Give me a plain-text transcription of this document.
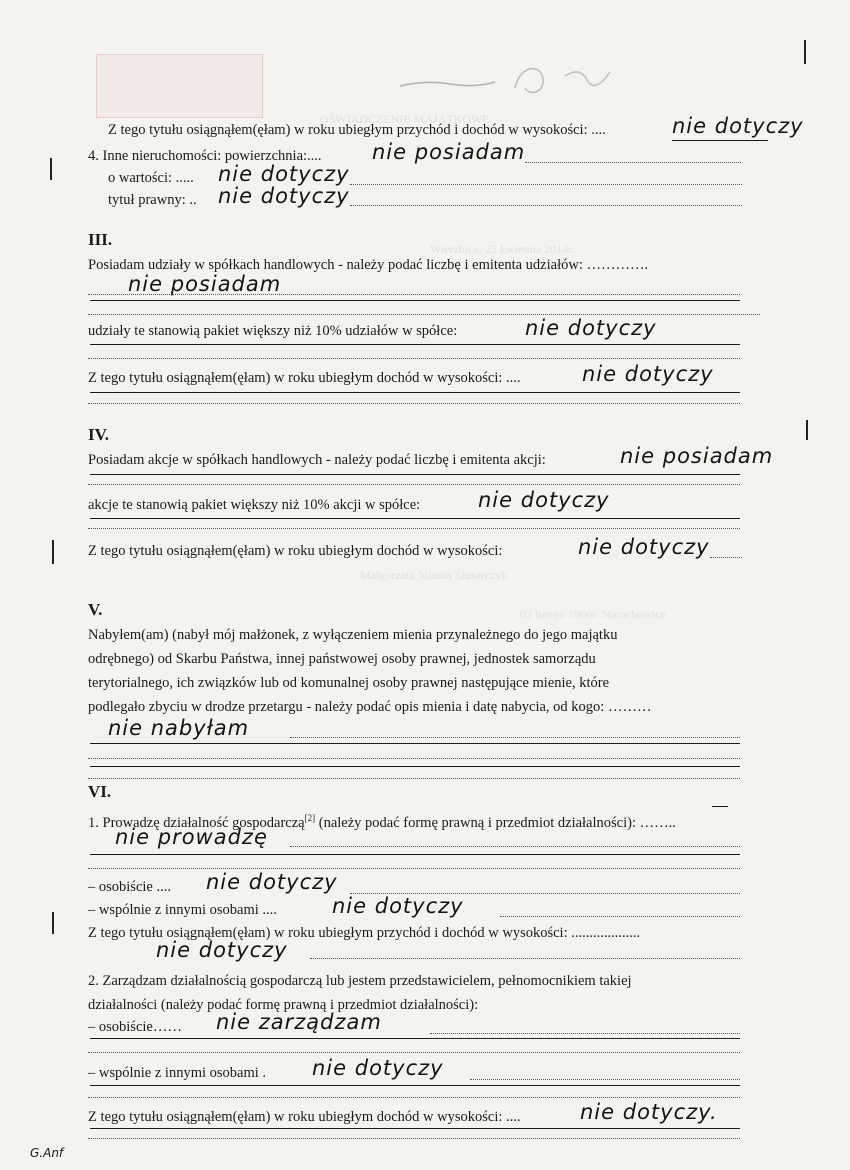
OŚWIADCZENIE MAJĄTKOWE
Wierzbica, 25 kwietnia 2014r.
Małgorzata Jolanta Ślusarczyk
02 lutego 1960r. Starachowice
Z tego tytułu osiągnąłem(ęłam) w roku ubiegłym przychód i dochód w wysokości: ....	nie dotyczy
4. Inne nieruchomości: powierzchnia:....	nie posiadam
o wartości: .....	nie dotyczy
tytuł prawny: ..	nie dotyczy
III.
Posiadam udziały w spółkach handlowych - należy podać liczbę i emitenta udziałów: ………….
nie posiadam
udziały te stanowią pakiet większy niż 10% udziałów w spółce:	nie dotyczy
Z tego tytułu osiągnąłem(ęłam) w roku ubiegłym dochód w wysokości: ....	nie dotyczy
IV.
Posiadam akcje w spółkach handlowych - należy podać liczbę i emitenta akcji:	nie posiadam
akcje te stanowią pakiet większy niż 10% akcji w spółce:	nie dotyczy
Z tego tytułu osiągnąłem(ęłam) w roku ubiegłym dochód w wysokości:	nie dotyczy
V.
Nabyłem(am) (nabył mój małżonek, z wyłączeniem mienia przynależnego do jego majątku
odrębnego) od Skarbu Państwa, innej państwowej osoby prawnej, jednostek samorządu
terytorialnego, ich związków lub od komunalnej osoby prawnej następujące mienie, które
podlegało zbyciu w drodze przetargu - należy podać opis mienia i datę nabycia, od kogo: ………
nie nabyłam
VI.
1. Prowadzę działalność gospodarczą[2] (należy podać formę prawną i przedmiot działalności): ……..
nie prowadzę
– osobiście ....	nie dotyczy
– wspólnie z innymi osobami ....	nie dotyczy
Z tego tytułu osiągnąłem(ęłam) w roku ubiegłym przychód i dochód w wysokości: ...................
nie dotyczy
2. Zarządzam działalnością gospodarczą lub jestem przedstawicielem, pełnomocnikiem takiej
działalności (należy podać formę prawną i przedmiot działalności):
– osobiście……	nie zarządzam
– wspólnie z innymi osobami .	nie dotyczy
Z tego tytułu osiągnąłem(ęłam) w roku ubiegłym dochód w wysokości: ....	nie dotyczy.
G.Anf
